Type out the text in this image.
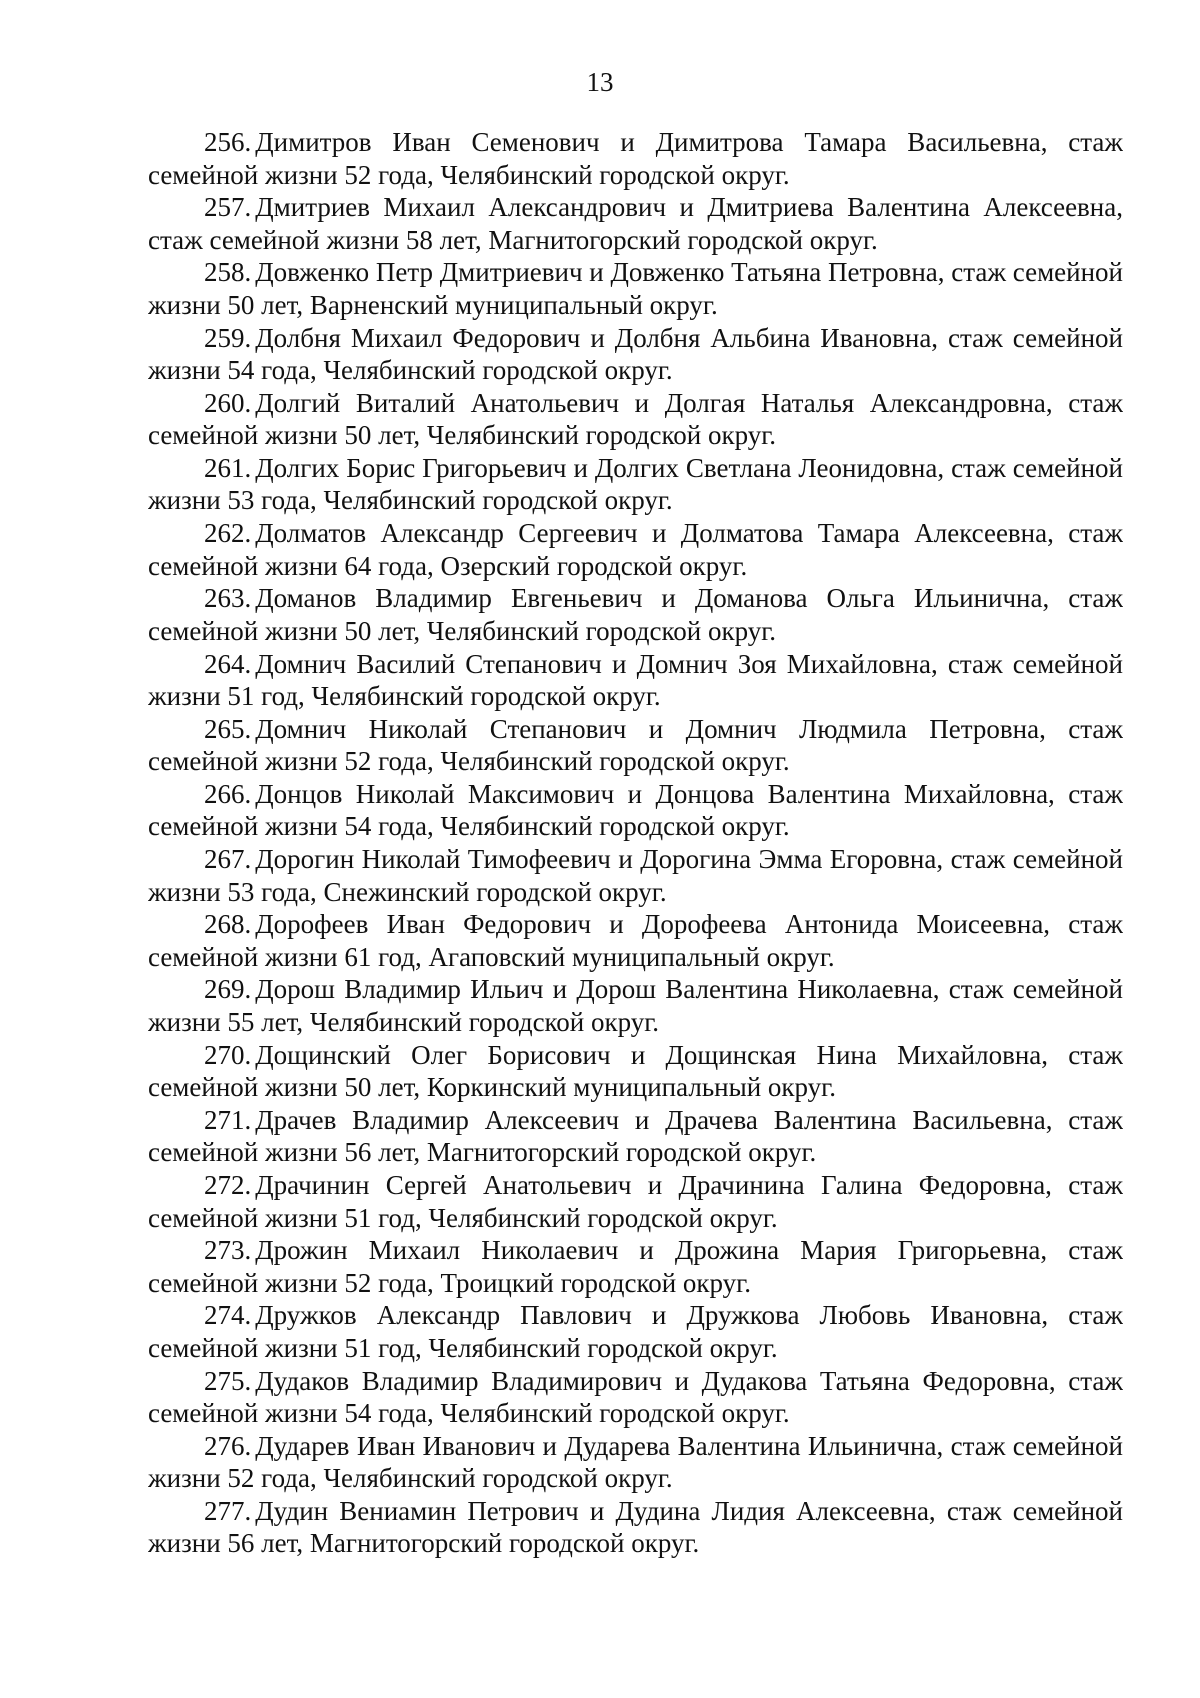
13

256. Димитров Иван Семенович и Димитрова Тамара Васильевна, стаж семейной жизни 52 года, Челябинский городской округ.

257. Дмитриев Михаил Александрович и Дмитриева Валентина Алексеевна, стаж семейной жизни 58 лет, Магнитогорский городской округ.

258. Довженко Петр Дмитриевич и Довженко Татьяна Петровна, стаж семейной жизни 50 лет, Варненский муниципальный округ.

259. Долбня Михаил Федорович и Долбня Альбина Ивановна, стаж семейной жизни 54 года, Челябинский городской округ.

260. Долгий Виталий Анатольевич и Долгая Наталья Александровна, стаж семейной жизни 50 лет, Челябинский городской округ.

261. Долгих Борис Григорьевич и Долгих Светлана Леонидовна, стаж семейной жизни 53 года, Челябинский городской округ.

262. Долматов Александр Сергеевич и Долматова Тамара Алексеевна, стаж семейной жизни 64 года, Озерский городской округ.

263. Доманов Владимир Евгеньевич и Доманова Ольга Ильинична, стаж семейной жизни 50 лет, Челябинский городской округ.

264. Домнич Василий Степанович и Домнич Зоя Михайловна, стаж семейной жизни 51 год, Челябинский городской округ.

265. Домнич Николай Степанович и Домнич Людмила Петровна, стаж семейной жизни 52 года, Челябинский городской округ.

266. Донцов Николай Максимович и Донцова Валентина Михайловна, стаж семейной жизни 54 года, Челябинский городской округ.

267. Дорогин Николай Тимофеевич и Дорогина Эмма Егоровна, стаж семейной жизни 53 года, Снежинский городской округ.

268. Дорофеев Иван Федорович и Дорофеева Антонида Моисеевна, стаж семейной жизни 61 год, Агаповский муниципальный округ.

269. Дорош Владимир Ильич и Дорош Валентина Николаевна, стаж семейной жизни 55 лет, Челябинский городской округ.

270. Дощинский Олег Борисович и Дощинская Нина Михайловна, стаж семейной жизни 50 лет, Коркинский муниципальный округ.

271. Драчев Владимир Алексеевич и Драчева Валентина Васильевна, стаж семейной жизни 56 лет, Магнитогорский городской округ.

272. Драчинин Сергей Анатольевич и Драчинина Галина Федоровна, стаж семейной жизни 51 год, Челябинский городской округ.

273. Дрожин Михаил Николаевич и Дрожина Мария Григорьевна, стаж семейной жизни 52 года, Троицкий городской округ.

274. Дружков Александр Павлович и Дружкова Любовь Ивановна, стаж семейной жизни 51 год, Челябинский городской округ.

275. Дудаков Владимир Владимирович и Дудакова Татьяна Федоровна, стаж семейной жизни 54 года, Челябинский городской округ.

276. Дударев Иван Иванович и Дударева Валентина Ильинична, стаж семейной жизни 52 года, Челябинский городской округ.

277. Дудин Вениамин Петрович и Дудина Лидия Алексеевна, стаж семейной жизни 56 лет, Магнитогорский городской округ.
